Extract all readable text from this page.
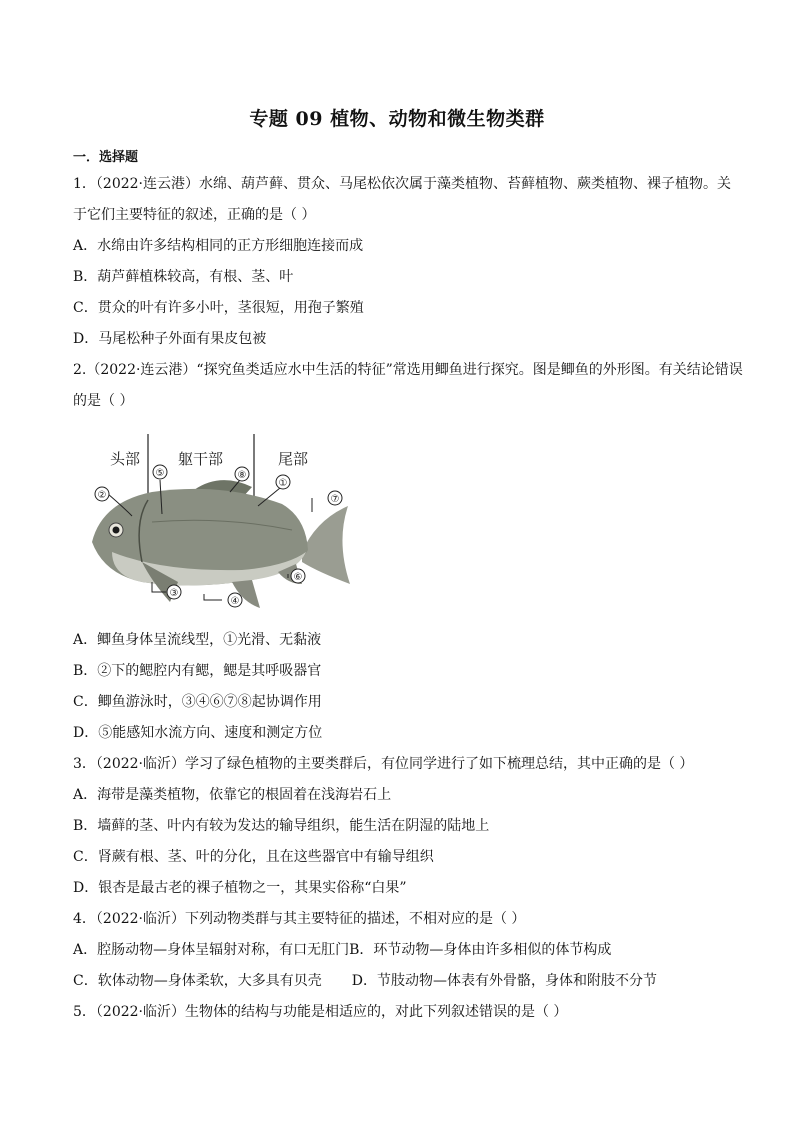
专题 09 植物、动物和微生物类群
一．选择题
1．（2022·连云港）水绵、葫芦藓、贯众、马尾松依次属于藻类植物、苔藓植物、蕨类植物、裸子植物。关
于它们主要特征的叙述，正确的是（ ）
A．水绵由许多结构相同的正方形细胞连接而成
B．葫芦藓植株较高，有根、茎、叶
C．贯众的叶有许多小叶，茎很短，用孢子繁殖
D．马尾松种子外面有果皮包被
2.（2022·连云港）“探究鱼类适应水中生活的特征”常选用鲫鱼进行探究。图是鲫鱼的外形图。有关结论错误
的是（ ）
头部	躯干部	尾部
①
②
③
④
⑤
⑥
⑦
⑧
A．鲫鱼身体呈流线型，①光滑、无黏液
B．②下的鳃腔内有鳃，鳃是其呼吸器官
C．鲫鱼游泳时，③④⑥⑦⑧起协调作用
D．⑤能感知水流方向、速度和测定方位
3．（2022·临沂）学习了绿色植物的主要类群后，有位同学进行了如下梳理总结，其中正确的是（ ）
A．海带是藻类植物，依靠它的根固着在浅海岩石上
B．墙藓的茎、叶内有较为发达的输导组织，能生活在阴湿的陆地上
C．肾蕨有根、茎、叶的分化，且在这些器官中有输导组织
D．银杏是最古老的裸子植物之一，其果实俗称“白果”
4．（2022·临沂）下列动物类群与其主要特征的描述，不相对应的是（ ）
A．腔肠动物—身体呈辐射对称，有口无肛门B．环节动物—身体由许多相似的体节构成
C．软体动物—身体柔软，大多具有贝壳 D．节肢动物—体表有外骨骼，身体和附肢不分节
5．（2022·临沂）生物体的结构与功能是相适应的，对此下列叙述错误的是（ ）
